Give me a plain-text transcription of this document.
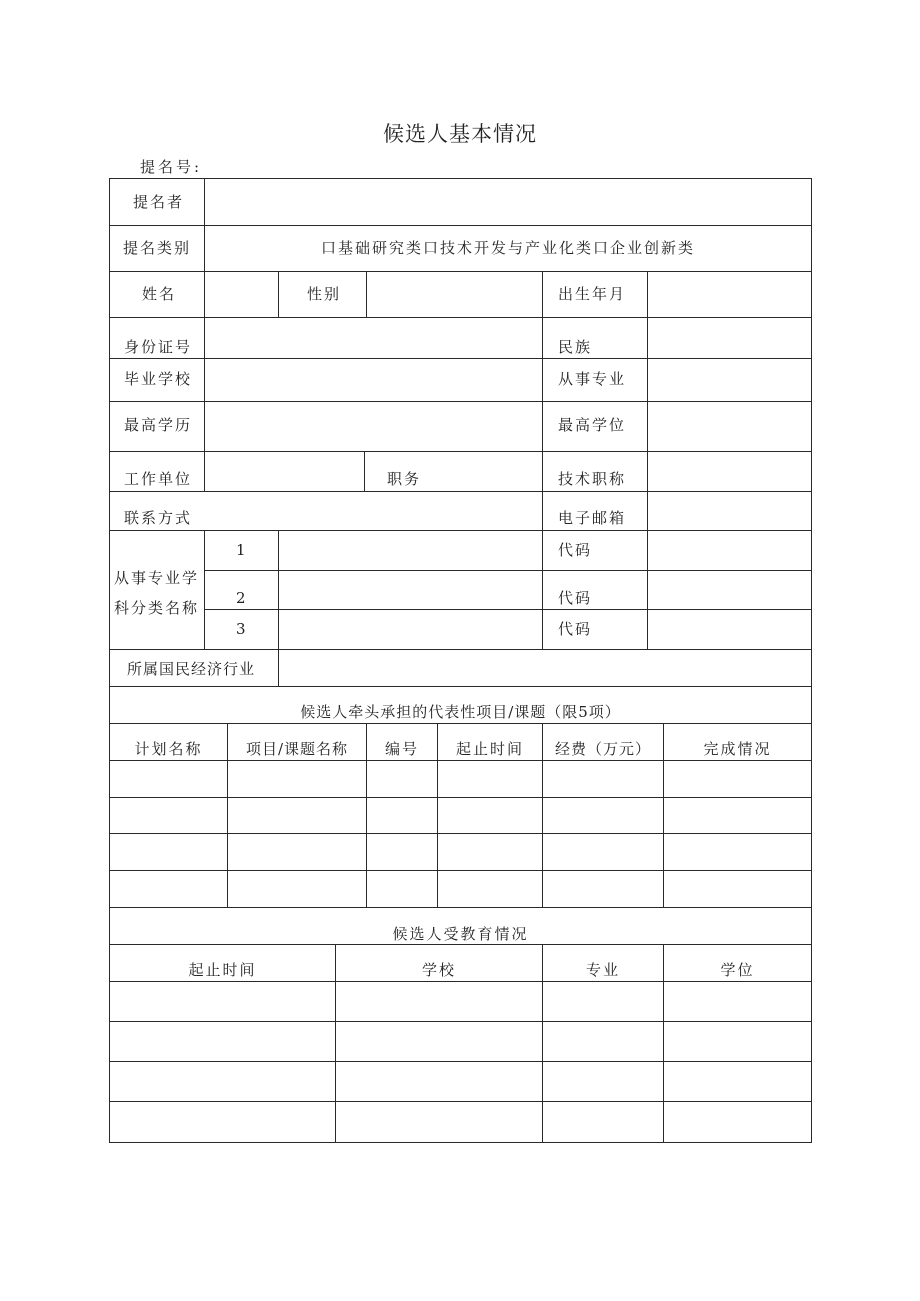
候选人基本情况
提名号:
提名者
提名类别	口基础研究类口技术开发与产业化类口企业创新类
姓名	性别	出生年月
身份证号	民族
毕业学校	从事专业
最高学历	最高学位
工作单位	职务	技术职称
联系方式	电子邮箱
从事专业学
科分类名称
1	代码
2	代码
3	代码
所属国民经济行业
候选人牵头承担的代表性项目/课题（限5项）
计划名称	项目/课题名称	编号	起止时间	经费（万元）	完成情况
候选人受教育情况
起止时间	学校	专业	学位
